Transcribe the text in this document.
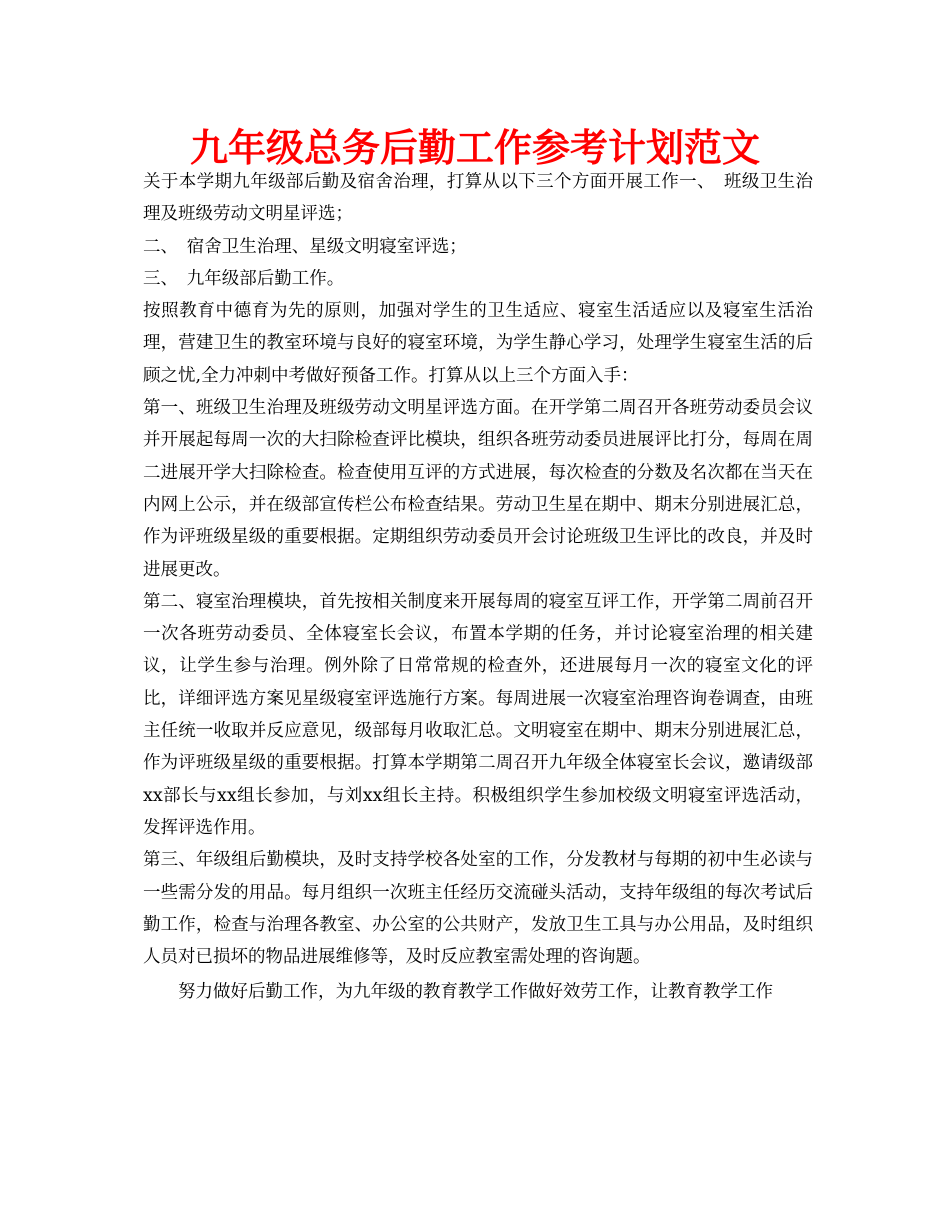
九年级总务后勤工作参考计划范文

关于本学期九年级部后勤及宿舍治理，打算从以下三个方面开展工作一、　班级卫生治理及班级劳动文明星评选；

二、　宿舍卫生治理、星级文明寝室评选；

三、　九年级部后勤工作。

按照教育中德育为先的原则，加强对学生的卫生适应、寝室生活适应以及寝室生活治理，营建卫生的教室环境与良好的寝室环境，为学生静心学习，处理学生寝室生活的后顾之忧,全力冲刺中考做好预备工作。打算从以上三个方面入手：

第一、班级卫生治理及班级劳动文明星评选方面。在开学第二周召开各班劳动委员会议并开展起每周一次的大扫除检查评比模块，组织各班劳动委员进展评比打分，每周在周二进展开学大扫除检查。检查使用互评的方式进展，每次检查的分数及名次都在当天在内网上公示，并在级部宣传栏公布检查结果。劳动卫生星在期中、期末分别进展汇总，作为评班级星级的重要根据。定期组织劳动委员开会讨论班级卫生评比的改良，并及时进展更改。

第二、寝室治理模块，首先按相关制度来开展每周的寝室互评工作，开学第二周前召开一次各班劳动委员、全体寝室长会议，布置本学期的任务，并讨论寝室治理的相关建议，让学生参与治理。例外除了日常常规的检查外，还进展每月一次的寝室文化的评比，详细评选方案见星级寝室评选施行方案。每周进展一次寝室治理咨询卷调查，由班主任统一收取并反应意见，级部每月收取汇总。文明寝室在期中、期末分别进展汇总，作为评班级星级的重要根据。打算本学期第二周召开九年级全体寝室长会议，邀请级部xx部长与xx组长参加，与刘xx组长主持。积极组织学生参加校级文明寝室评选活动，发挥评选作用。

第三、年级组后勤模块，及时支持学校各处室的工作，分发教材与每期的初中生必读与一些需分发的用品。每月组织一次班主任经历交流碰头活动，支持年级组的每次考试后勤工作，检查与治理各教室、办公室的公共财产，发放卫生工具与办公用品，及时组织人员对已损坏的物品进展维修等，及时反应教室需处理的咨询题。

努力做好后勤工作，为九年级的教育教学工作做好效劳工作，让教育教学工作
